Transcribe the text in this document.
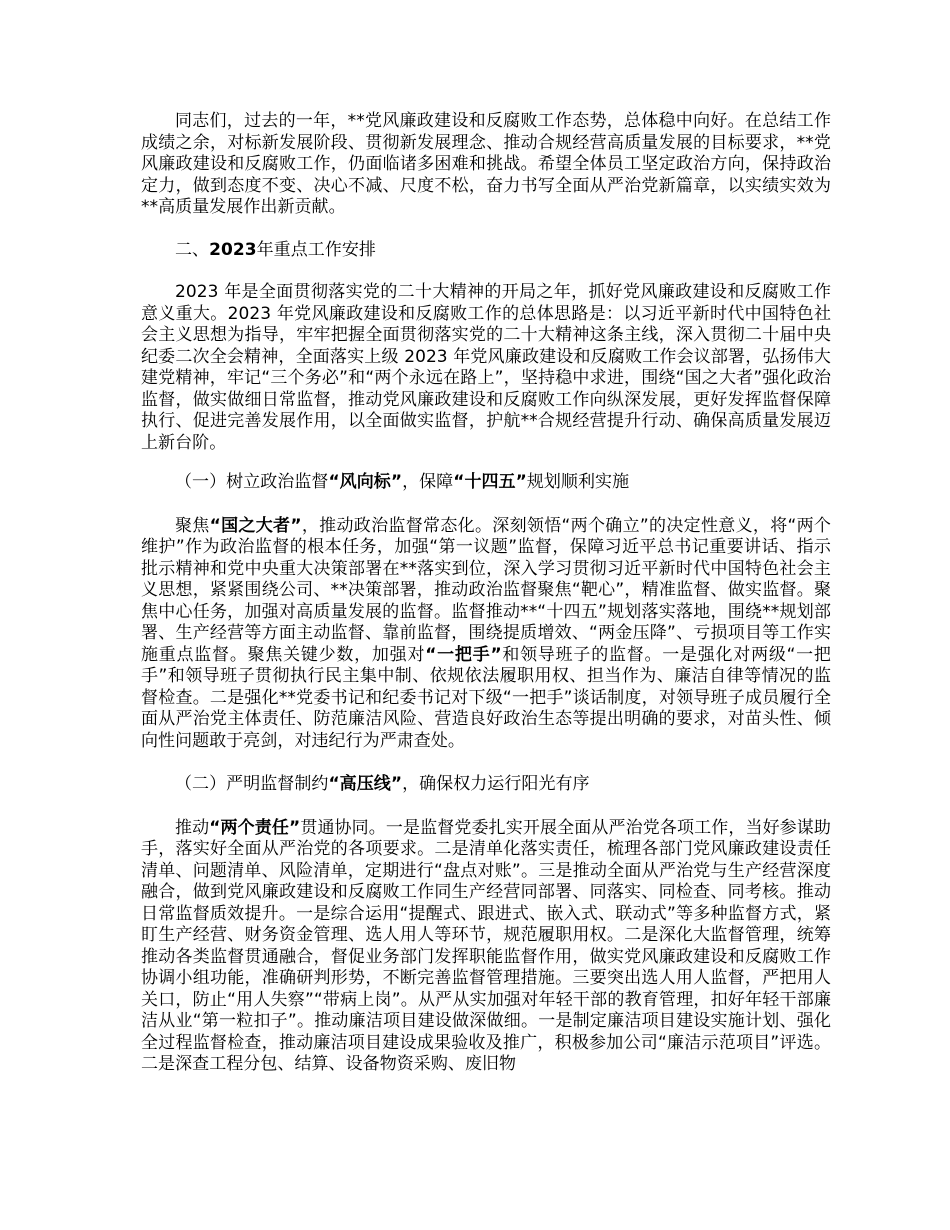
同志们，过去的一年，**党风廉政建设和反腐败工作态势，总体稳中向好。在总结工作成绩之余，对标新发展阶段、贯彻新发展理念、推动合规经营高质量发展的目标要求，**党风廉政建设和反腐败工作，仍面临诸多困难和挑战。希望全体员工坚定政治方向，保持政治定力，做到态度不变、决心不减、尺度不松，奋力书写全面从严治党新篇章，以实绩实效为**高质量发展作出新贡献。

二、2023年重点工作安排

2023 年是全面贯彻落实党的二十大精神的开局之年，抓好党风廉政建设和反腐败工作意义重大。2023 年党风廉政建设和反腐败工作的总体思路是：以习近平新时代中国特色社会主义思想为指导，牢牢把握全面贯彻落实党的二十大精神这条主线，深入贯彻二十届中央纪委二次全会精神，全面落实上级 2023 年党风廉政建设和反腐败工作会议部署，弘扬伟大建党精神，牢记“三个务必”和“两个永远在路上”，坚持稳中求进，围绕“国之大者”强化政治监督，做实做细日常监督，推动党风廉政建设和反腐败工作向纵深发展，更好发挥监督保障执行、促进完善发展作用，以全面做实监督，护航**合规经营提升行动、确保高质量发展迈上新台阶。

（一）树立政治监督“风向标”，保障“十四五”规划顺利实施

聚焦“国之大者”，推动政治监督常态化。深刻领悟“两个确立”的决定性意义，将“两个维护”作为政治监督的根本任务，加强“第一议题”监督，保障习近平总书记重要讲话、指示批示精神和党中央重大决策部署在**落实到位，深入学习贯彻习近平新时代中国特色社会主义思想，紧紧围绕公司、**决策部署，推动政治监督聚焦“靶心”，精准监督、做实监督。聚焦中心任务，加强对高质量发展的监督。监督推动**“十四五”规划落实落地，围绕**规划部署、生产经营等方面主动监督、靠前监督，围绕提质增效、“两金压降”、亏损项目等工作实施重点监督。聚焦关键少数，加强对“一把手”和领导班子的监督。一是强化对两级“一把手”和领导班子贯彻执行民主集中制、依规依法履职用权、担当作为、廉洁自律等情况的监督检查。二是强化**党委书记和纪委书记对下级“一把手”谈话制度，对领导班子成员履行全面从严治党主体责任、防范廉洁风险、营造良好政治生态等提出明确的要求，对苗头性、倾向性问题敢于亮剑，对违纪行为严肃查处。

（二）严明监督制约“高压线”，确保权力运行阳光有序

推动“两个责任”贯通协同。一是监督党委扎实开展全面从严治党各项工作，当好参谋助手，落实好全面从严治党的各项要求。二是清单化落实责任，梳理各部门党风廉政建设责任清单、问题清单、风险清单，定期进行“盘点对账”。三是推动全面从严治党与生产经营深度融合，做到党风廉政建设和反腐败工作同生产经营同部署、同落实、同检查、同考核。推动日常监督质效提升。一是综合运用“提醒式、跟进式、嵌入式、联动式”等多种监督方式，紧盯生产经营、财务资金管理、选人用人等环节，规范履职用权。二是深化大监督管理，统筹推动各类监督贯通融合，督促业务部门发挥职能监督作用，做实党风廉政建设和反腐败工作协调小组功能，准确研判形势，不断完善监督管理措施。三要突出选人用人监督，严把用人关口，防止“用人失察”“带病上岗”。从严从实加强对年轻干部的教育管理，扣好年轻干部廉洁从业“第一粒扣子”。推动廉洁项目建设做深做细。一是制定廉洁项目建设实施计划、强化全过程监督检查，推动廉洁项目建设成果验收及推广，积极参加公司“廉洁示范项目”评选。二是深查工程分包、结算、设备物资采购、废旧物
